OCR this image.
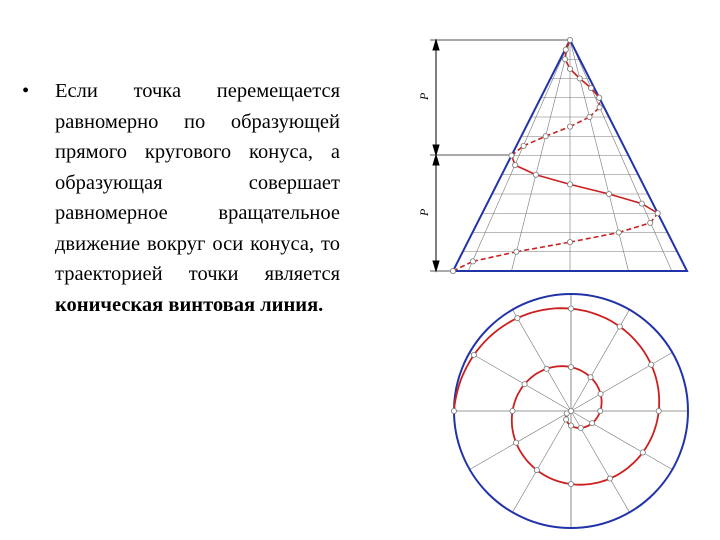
• Если точка перемещается равномерно по образующей прямого кругового конуса, а образующая совершает равномерное вращательное движение вокруг оси конуса, то траекторией точки является коническая винтовая линия.
P
P
